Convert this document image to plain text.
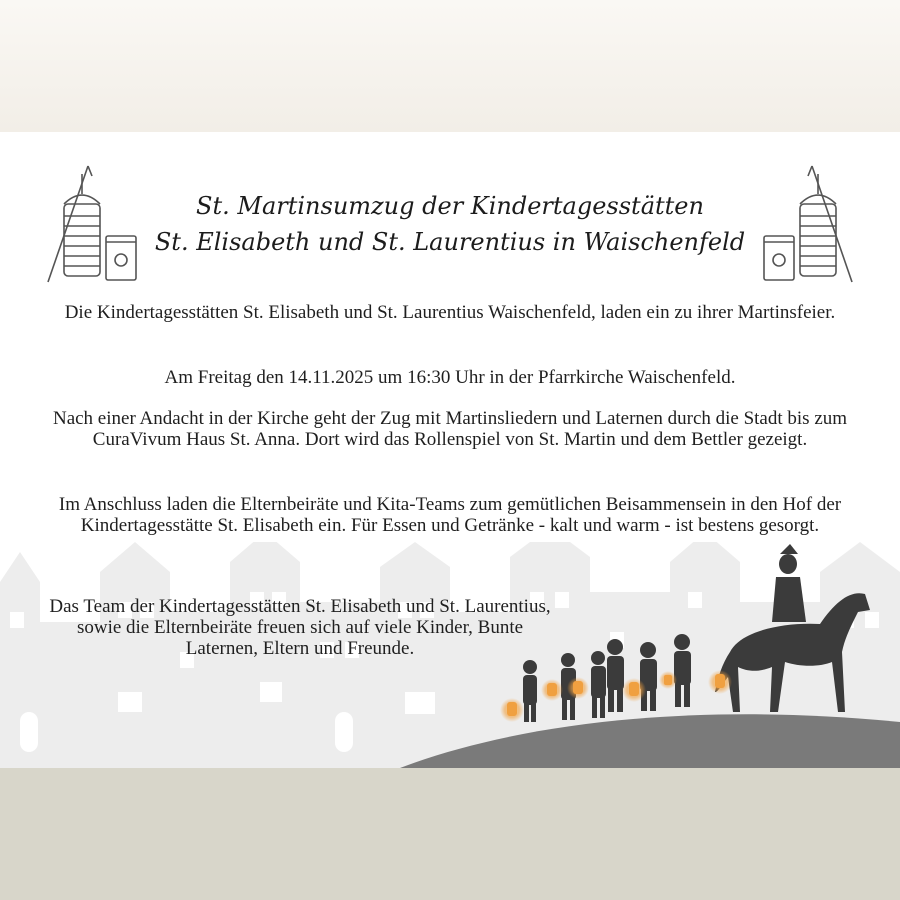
St. Martinsumzug der Kindertagesstätten
St. Elisabeth und St. Laurentius in Waischenfeld

Die Kindertagesstätten St. Elisabeth und St. Laurentius Waischenfeld, laden ein zu ihrer Martinsfeier.

Am Freitag den 14.11.2025 um 16:30 Uhr in der Pfarrkirche Waischenfeld.

Nach einer Andacht in der Kirche geht der Zug mit Martinsliedern und Laternen durch die Stadt bis zum CuraVivum Haus St. Anna. Dort wird das Rollenspiel von St. Martin und dem Bettler gezeigt.

Im Anschluss laden die Elternbeiräte und Kita-Teams zum gemütlichen Beisammensein in den Hof der Kindertagesstätte St. Elisabeth ein. Für Essen und Getränke - kalt und warm - ist bestens gesorgt.

Das Team der Kindertagesstätten St. Elisabeth und St. Laurentius, sowie die Elternbeiräte freuen sich auf viele Kinder, Bunte Laternen, Eltern und Freunde.
